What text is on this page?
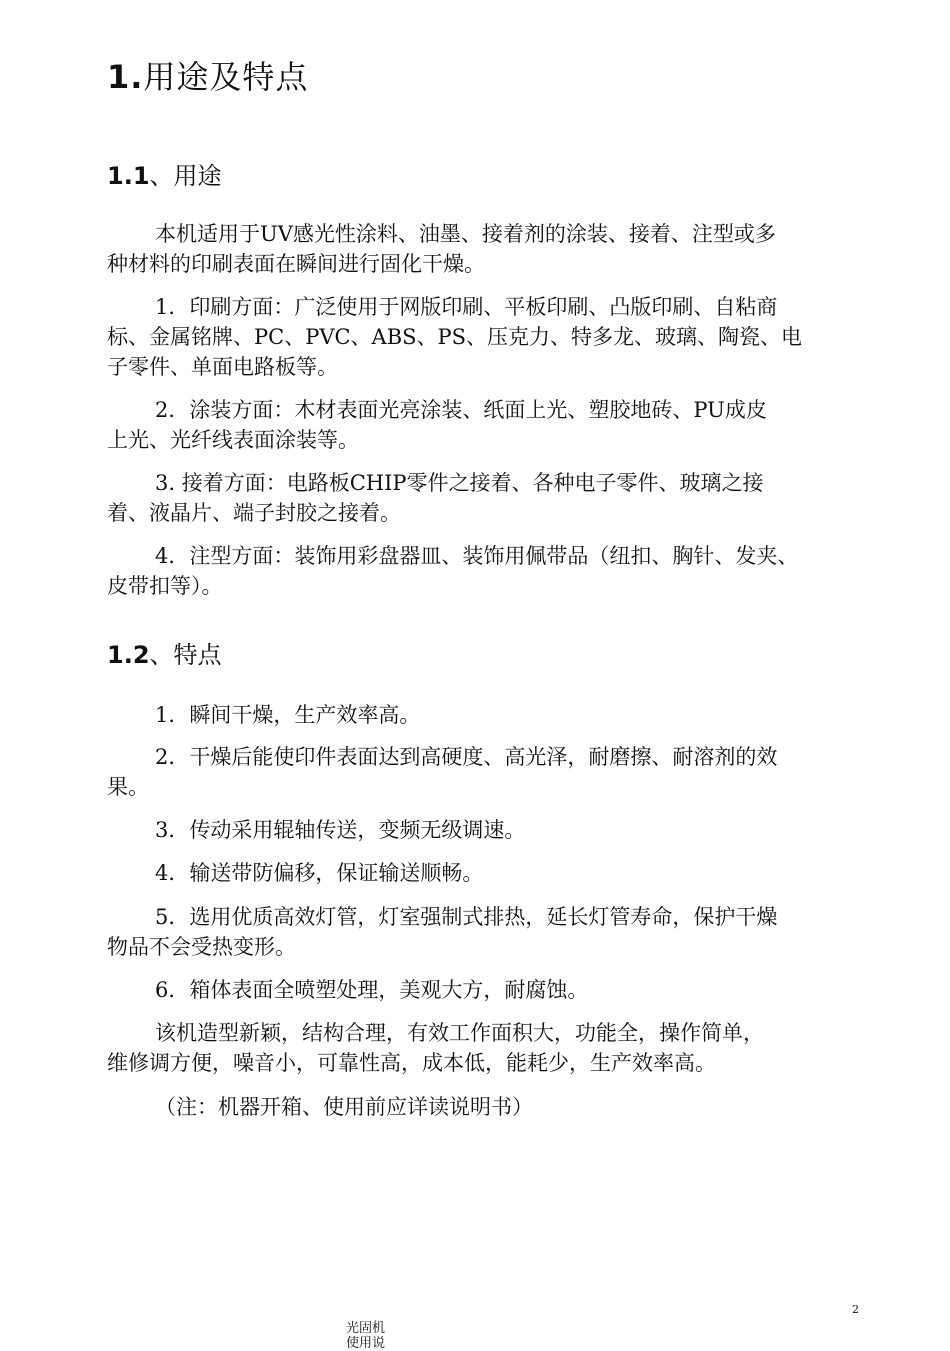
1.用途及特点
1.1、用途

本机适用于UV感光性涂料、油墨、接着剂的涂装、接着、注型或多
种材料的印刷表面在瞬间进行固化干燥。

1．印刷方面：广泛使用于网版印刷、平板印刷、凸版印刷、自粘商
标、金属铭牌、PC、PVC、ABS、PS、压克力、特多龙、玻璃、陶瓷、电
子零件、单面电路板等。

2．涂装方面：木材表面光亮涂装、纸面上光、塑胶地砖、PU成皮
上光、光纤线表面涂装等。

3. 接着方面：电路板CHIP零件之接着、各种电子零件、玻璃之接
着、液晶片、端子封胶之接着。

4．注型方面：装饰用彩盘器皿、装饰用佩带品（纽扣、胸针、发夹、
皮带扣等）。

1.2、特点

1．瞬间干燥，生产效率高。

2．干燥后能使印件表面达到高硬度、高光泽，耐磨擦、耐溶剂的效
果。

3．传动采用辊轴传送，变频无级调速。

4．输送带防偏移，保证输送顺畅。

5．选用优质高效灯管，灯室强制式排热，延长灯管寿命，保护干燥
物品不会受热变形。

6．箱体表面全喷塑处理，美观大方，耐腐蚀。

该机造型新颖，结构合理，有效工作面积大，功能全，操作简单，
维修调方便，噪音小，可靠性高，成本低，能耗少，生产效率高。

（注：机器开箱、使用前应详读说明书）

2
光固机
使用说
